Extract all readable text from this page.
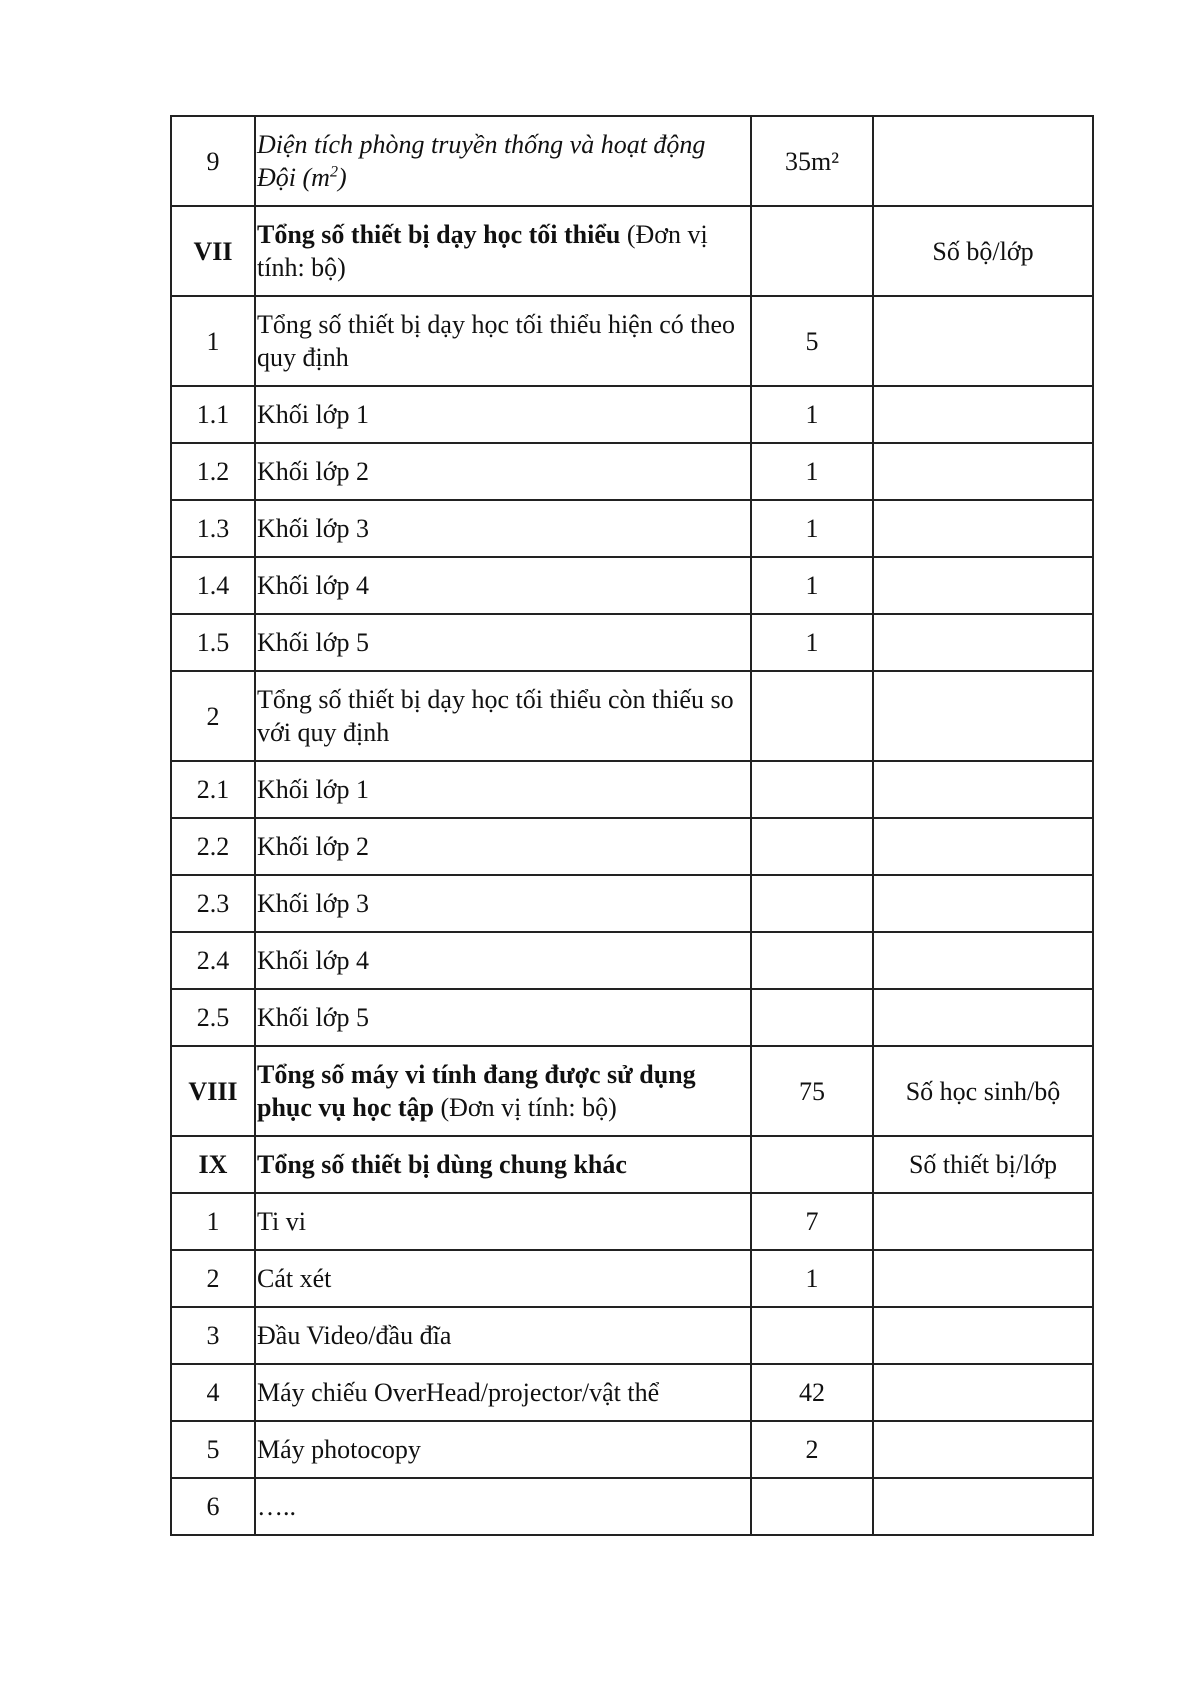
9	Diện tích phòng truyền thống và hoạt động Đội $(m^2)$	35m²	
VII	Tổng số thiết bị dạy học tối thiểu (Đơn vị tính: bộ)		Số bộ/lớp
1	Tổng số thiết bị dạy học tối thiểu hiện có theo quy định	5	
1.1	Khối lớp 1	1	
1.2	Khối lớp 2	1	
1.3	Khối lớp 3	1	
1.4	Khối lớp 4	1	
1.5	Khối lớp 5	1	
2	Tổng số thiết bị dạy học tối thiểu còn thiếu so với quy định		
2.1	Khối lớp 1		
2.2	Khối lớp 2		
2.3	Khối lớp 3		
2.4	Khối lớp 4		
2.5	Khối lớp 5		
VIII	Tổng số máy vi tính đang được sử dụng phục vụ học tập (Đơn vị tính: bộ)	75	Số học sinh/bộ
IX	Tổng số thiết bị dùng chung khác		Số thiết bị/lớp
1	Ti vi	7	
2	Cát xét	1	
3	Đầu Video/đầu đĩa		
4	Máy chiếu OverHead/projector/vật thể	42	
5	Máy photocopy	2	
6	…..		
